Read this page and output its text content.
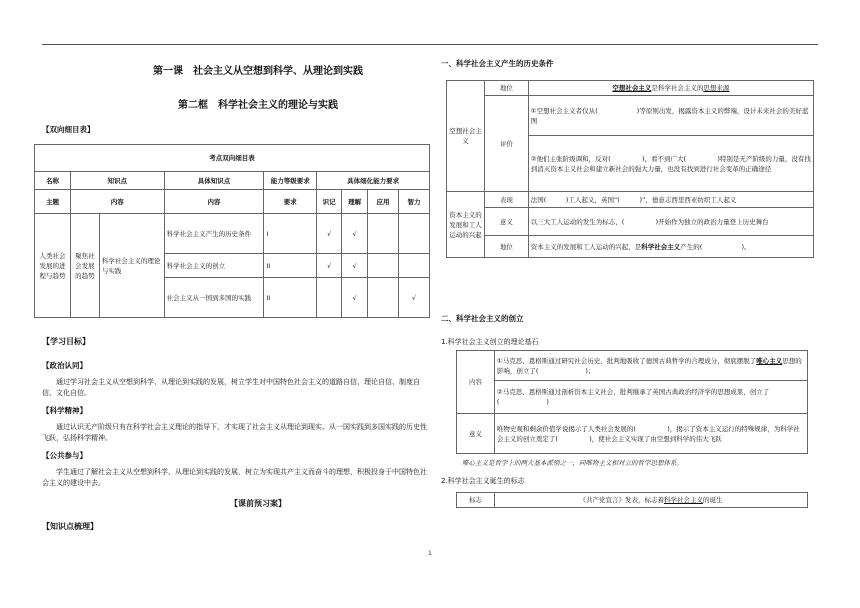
第一课　社会主义从空想到科学、从理论到实践
第二框　科学社会主义的理论与实践
【双向细目表】
考点双向细目表								
名称	知识点		具体知识点	能力等级要求	具体细化能力要求			
主题	内容		内容	要求	识记	理解	应用	智力
人类社会发展的进程与趋势	聚焦社会发展的趋势	科学社会主义的理论与实践	科学社会主义产生的历史条件	Ⅰ	√	√		
			科学社会主义的创立	ⅠⅠ	√	√		
			社会主义从一国到多国的实践	ⅠⅠ		√		√
【学习目标】
【政治认同】
通过学习社会主义从空想到科学、从理论到实践的发展，树立学生对中国特色社会主义的道路自信、理论自信、制度自信、文化自信。
【科学精神】
通过认识无产阶级只有在科学社会主义理论的指导下，才实现了社会主义从理论到现实、从一国实践到多国实践的历史性飞跃，弘扬科学精神。
【公共参与】
学生通过了解社会主义从空想到科学、从理论到实践的发展，树立为实现共产主义而奋斗的理想，积极投身于中国特色社会主义的建设中去。
【课前预习案】
【知识点梳理】
一、科学社会主义产生的历史条件
空想社会主义	地位	空想社会主义是科学社会主义的思想来源
	评价	①空想社会主义者仅从( )等原则出发，揭露资本主义的弊端，设计未来社会的美好蓝图
		②他们主张阶级调和，反对( )，看不到广大( )特别是无产阶级的力量，没有找到消灭资本主义社会和建立新社会的强大力量，也没有找到进行社会变革的正确途径
资本主义的发展和工人运动的兴起	表现	法国( )工人起义，英国“( )”，德意志西里西亚纺织工人起义
	意义	以三大工人运动的发生为标志，( )开始作为独立的政治力量登上历史舞台
	地位	资本主义的发展和工人运动的兴起，是科学社会主义产生的( )。
二、科学社会主义的创立
1.科学社会主义创立的理论基石
内容	①马克思、恩格斯通过研究社会历史，批判地吸收了德国古典哲学的合理成分，彻底摆脱了唯心主义思想的影响，创立了( )；
	②马克思、恩格斯通过剖析资本主义社会，批判继承了英国古典政治经济学的思想成果，创立了( )
意义	唯物史观和剩余价值学说揭示了人类社会发展的( )，揭示了资本主义运行的特殊规律，为科学社会主义的创立奠定了( )，使社会主义实现了由空想到科学的伟大飞跃
唯心主义是哲学上的两大基本派别之一，同唯物主义相对立的哲学思想体系。
2.科学社会主义诞生的标志
标志	《共产党宣言》发表，标志着科学社会主义的诞生
1
